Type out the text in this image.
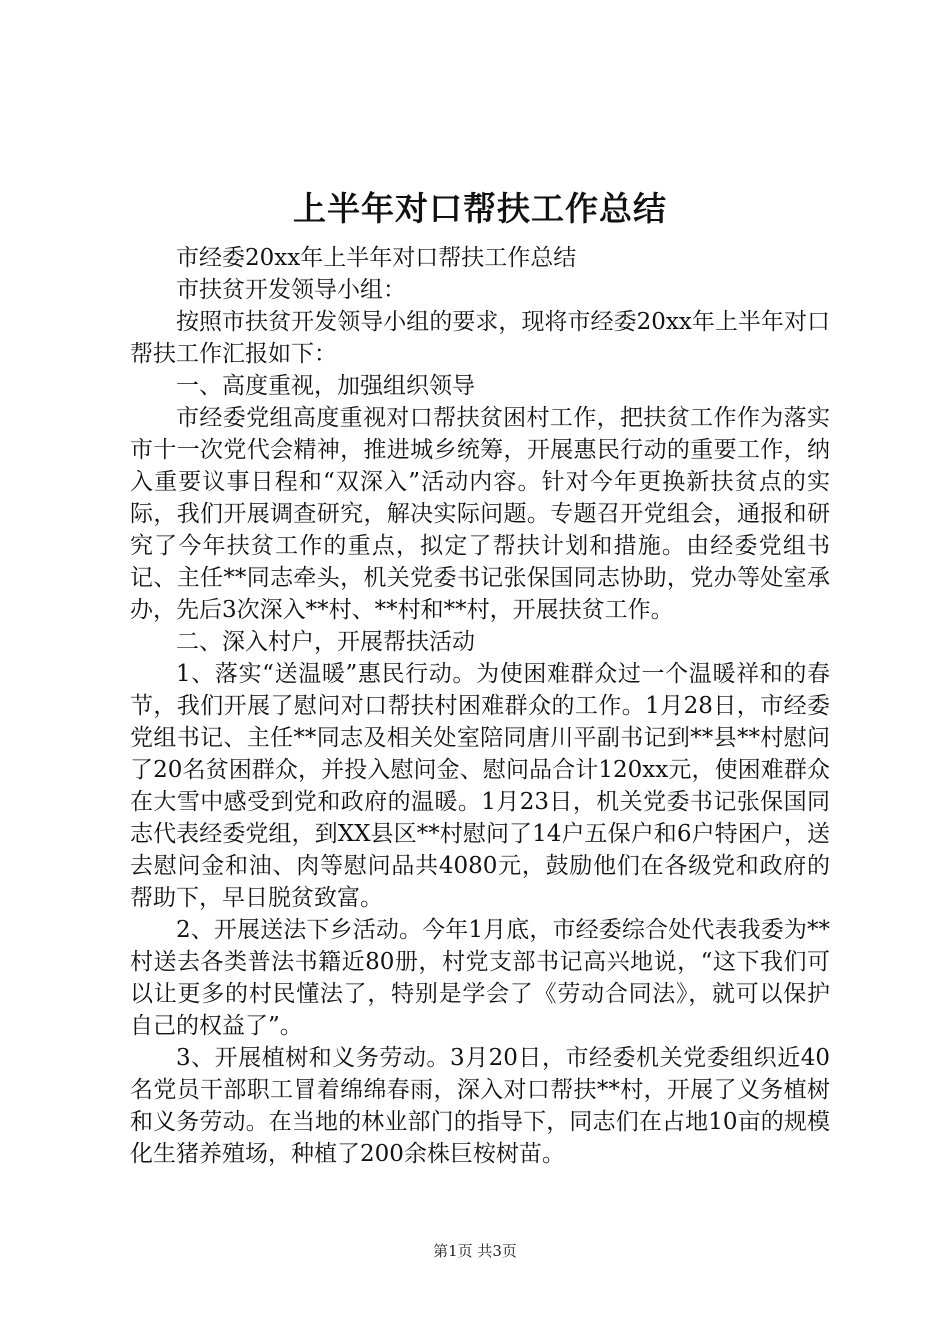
上半年对口帮扶工作总结

市经委20xx年上半年对口帮扶工作总结

市扶贫开发领导小组：

按照市扶贫开发领导小组的要求，现将市经委20xx年上半年对口帮扶工作汇报如下：

一、高度重视，加强组织领导

市经委党组高度重视对口帮扶贫困村工作，把扶贫工作作为落实市十一次党代会精神，推进城乡统筹，开展惠民行动的重要工作，纳入重要议事日程和“双深入”活动内容。针对今年更换新扶贫点的实际，我们开展调查研究，解决实际问题。专题召开党组会，通报和研究了今年扶贫工作的重点，拟定了帮扶计划和措施。由经委党组书记、主任**同志牵头，机关党委书记张保国同志协助，党办等处室承办，先后3次深入**村、**村和**村，开展扶贫工作。

二、深入村户，开展帮扶活动

1、落实“送温暖”惠民行动。为使困难群众过一个温暖祥和的春节，我们开展了慰问对口帮扶村困难群众的工作。1月28日，市经委党组书记、主任**同志及相关处室陪同唐川平副书记到**县**村慰问了20名贫困群众，并投入慰问金、慰问品合计120xx元，使困难群众在大雪中感受到党和政府的温暖。1月23日，机关党委书记张保国同志代表经委党组，到XX县区**村慰问了14户五保户和6户特困户，送去慰问金和油、肉等慰问品共4080元，鼓励他们在各级党和政府的帮助下，早日脱贫致富。

2、开展送法下乡活动。今年1月底，市经委综合处代表我委为**村送去各类普法书籍近80册，村党支部书记高兴地说，“这下我们可以让更多的村民懂法了，特别是学会了《劳动合同法》，就可以保护自己的权益了”。

3、开展植树和义务劳动。3月20日，市经委机关党委组织近40名党员干部职工冒着绵绵春雨，深入对口帮扶**村，开展了义务植树和义务劳动。在当地的林业部门的指导下，同志们在占地10亩的规模化生猪养殖场，种植了200余株巨桉树苗。

第1页 共3页
